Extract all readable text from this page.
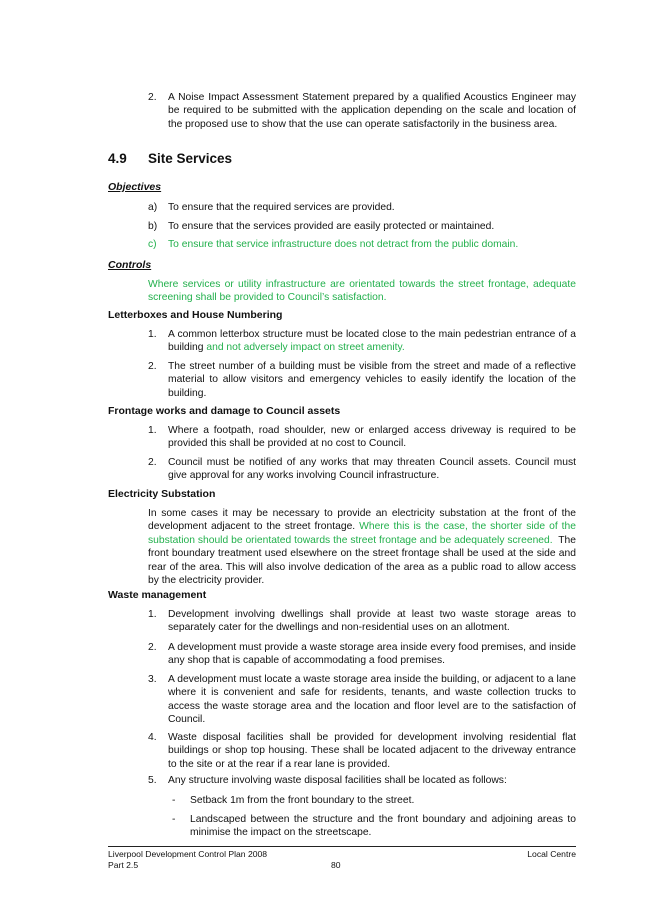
2. A Noise Impact Assessment Statement prepared by a qualified Acoustics Engineer may be required to be submitted with the application depending on the scale and location of the proposed use to show that the use can operate satisfactorily in the business area.
4.9 Site Services
Objectives
a) To ensure that the required services are provided.
b) To ensure that the services provided are easily protected or maintained.
c) To ensure that service infrastructure does not detract from the public domain.
Controls
Where services or utility infrastructure are orientated towards the street frontage, adequate screening shall be provided to Council’s satisfaction.
Letterboxes and House Numbering
1. A common letterbox structure must be located close to the main pedestrian entrance of a building and not adversely impact on street amenity.
2. The street number of a building must be visible from the street and made of a reflective material to allow visitors and emergency vehicles to easily identify the location of the building.
Frontage works and damage to Council assets
1. Where a footpath, road shoulder, new or enlarged access driveway is required to be provided this shall be provided at no cost to Council.
2. Council must be notified of any works that may threaten Council assets. Council must give approval for any works involving Council infrastructure.
Electricity Substation
In some cases it may be necessary to provide an electricity substation at the front of the development adjacent to the street frontage. Where this is the case, the shorter side of the substation should be orientated towards the street frontage and be adequately screened. The front boundary treatment used elsewhere on the street frontage shall be used at the side and rear of the area. This will also involve dedication of the area as a public road to allow access by the electricity provider.
Waste management
1. Development involving dwellings shall provide at least two waste storage areas to separately cater for the dwellings and non-residential uses on an allotment.
2. A development must provide a waste storage area inside every food premises, and inside any shop that is capable of accommodating a food premises.
3. A development must locate a waste storage area inside the building, or adjacent to a lane where it is convenient and safe for residents, tenants, and waste collection trucks to access the waste storage area and the location and floor level are to the satisfaction of Council.
4. Waste disposal facilities shall be provided for development involving residential flat buildings or shop top housing. These shall be located adjacent to the driveway entrance to the site or at the rear if a rear lane is provided.
5. Any structure involving waste disposal facilities shall be located as follows:
- Setback 1m from the front boundary to the street.
- Landscaped between the structure and the front boundary and adjoining areas to minimise the impact on the streetscape.
Liverpool Development Control Plan 2008
Part 2.5	80
Local Centre
